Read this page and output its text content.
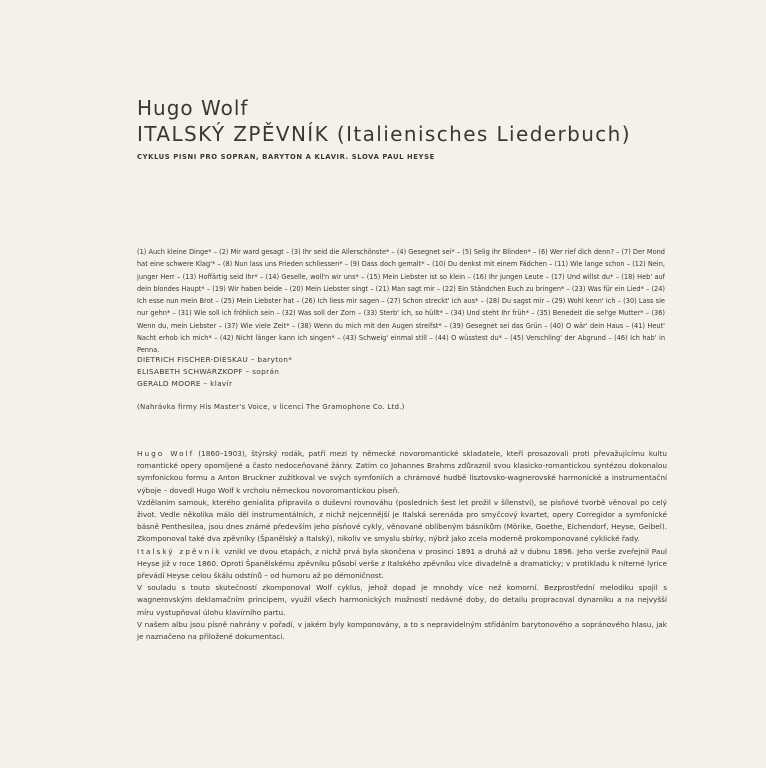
Hugo Wolf
ITALSKÝ ZPĚVNÍK (Italienisches Liederbuch)
CYKLUS PISNI PRO SOPRAN, BARYTON A KLAVIR. SLOVA PAUL HEYSE
(1) Auch kleine Dinge* – (2) Mir ward gesagt – (3) Ihr seid die Allerschönste* – (4) Gesegnet sei* – (5) Selig ihr Blinden* – (6) Wer rief dich denn? – (7) Der Mond hat eine schwere Klag'* – (8) Nun lass uns Frieden schliessen* – (9) Dass doch gemalt* – (10) Du denkst mit einem Fädchen – (11) Wie lange schon – (12) Nein, junger Herr – (13) Hoffärtig seid Ihr* – (14) Geselle, woll'n wir uns* – (15) Mein Liebster ist so klein – (16) Ihr jungen Leute – (17) Und willst du* – (18) Heb' auf dein blondes Haupt* – (19) Wir haben beide – (20) Mein Liebster singt – (21) Man sagt mir – (22) Ein Ständchen Euch zu bringen* – (23) Was für ein Lied* – (24) Ich esse nun mein Brot – (25) Mein Liebster hat – (26) Ich liess mir sagen – (27) Schon streckt' ich aus* – (28) Du sagst mir – (29) Wohl kenn' ich – (30) Lass sie nur gehn* – (31) Wie soll ich fröhlich sein – (32) Was soll der Zorn – (33) Sterb' ich, so hüllt* – (34) Und steht Ihr früh* – (35) Benedeit die sel'ge Mutter* – (36) Wenn du, mein Liebster – (37) Wie viele Zeit* – (38) Wenn du mich mit den Augen streifst* – (39) Gesegnet sei das Grün – (40) O wär' dein Haus – (41) Heut' Nacht erhob ich mich* – (42) Nicht länger kann ich singen* – (43) Schweig' einmal still – (44) O wüsstest du* – (45) Verschling' der Abgrund – (46) Ich hab' in Penna.
DIETRICH FISCHER-DIESKAU – baryton*
ELISABETH SCHWARZKOPF – soprán
GERALD MOORE – klavír
(Nahrávka firmy His Master's Voice, v licenci The Gramophone Co. Ltd.)

Hugo Wolf (1860–1903), štýrský rodák, patří mezi ty německé novoromantické skladatele, kteří prosazovali proti převažujícímu kultu romantické opery opomíjené a často nedoceňované žánry. Zatím co Johannes Brahms zdůraznil svou klasicko-romantickou syntézou dokonalou symfonickou formu a Anton Bruckner zužitkoval ve svých symfoniích a chrámové hudbě lisztovsko-wagnerovské harmonické a instrumentační výboje – dovedl Hugo Wolf k vrcholu německou novoromantickou píseň.

Vzdělaním samouk, kterého genialita připravila o duševní rovnováhu (posledních šest let prožil v šílenství), se písňové tvorbě věnoval po celý život. Vedle několika málo děl instrumentálních, z nichž nejcennější je Italská serenáda pro smyčcový kvartet, opery Corregidor a symfonické básně Penthesilea, jsou dnes známé především jeho písňové cykly, věnované oblíbeným básníkům (Mörike, Goethe, Eichendorf, Heyse, Geibel). Zkomponoval také dva zpěvníky (Španělský a Italský), nikoliv ve smyslu sbírky, nýbrž jako zcela moderně prokomponované cyklické řady.

Italský zpěvník vznikl ve dvou etapách, z nichž prvá byla skončena v prosinci 1891 a druhá až v dubnu 1896. Jeho verše zveřejnil Paul Heyse již v roce 1860. Oproti Španělskému zpěvníku působí verše z Italského zpěvníku více divadelně a dramaticky; v protikladu k niterné lyrice převádí Heyse celou škálu odstínů – od humoru až po démoničnost.

V souladu s touto skutečností zkomponoval Wolf cyklus, jehož dopad je mnohdy více než komorní. Bezprostřední melodiku spojil s wagnerovským deklamačním principem, využil všech harmonických možností nedávné doby, do detailu propracoval dynamiku a na nejvyšší míru vystupňoval úlohu klavírního partu.

V našem albu jsou písně nahrány v pořadí, v jakém byly komponovány, a to s nepravidelným střídáním barytonového a sopránového hlasu, jak je naznačeno na přiložené dokumentaci.
